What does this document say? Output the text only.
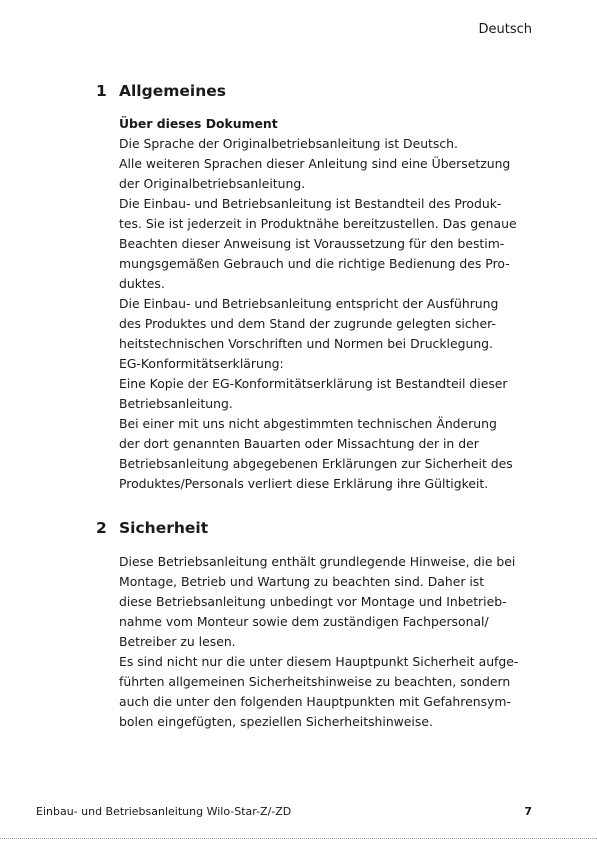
Deutsch
1 Allgemeines

Über dieses Dokument

Die Sprache der Originalbetriebsanleitung ist Deutsch.

Alle weiteren Sprachen dieser Anleitung sind eine Übersetzung

der Originalbetriebsanleitung.

Die Einbau- und Betriebsanleitung ist Bestandteil des Produk-

tes. Sie ist jederzeit in Produktnähe bereitzustellen. Das genaue

Beachten dieser Anweisung ist Voraussetzung für den bestim-

mungsgemäßen Gebrauch und die richtige Bedienung des Pro-

duktes.

Die Einbau- und Betriebsanleitung entspricht der Ausführung

des Produktes und dem Stand der zugrunde gelegten sicher-

heitstechnischen Vorschriften und Normen bei Drucklegung.

EG-Konformitätserklärung:

Eine Kopie der EG-Konformitätserklärung ist Bestandteil dieser

Betriebsanleitung.

Bei einer mit uns nicht abgestimmten technischen Änderung

der dort genannten Bauarten oder Missachtung der in der

Betriebsanleitung abgegebenen Erklärungen zur Sicherheit des

Produktes/Personals verliert diese Erklärung ihre Gültigkeit.

2 Sicherheit

Diese Betriebsanleitung enthält grundlegende Hinweise, die bei

Montage, Betrieb und Wartung zu beachten sind. Daher ist

diese Betriebsanleitung unbedingt vor Montage und Inbetrieb-

nahme vom Monteur sowie dem zuständigen Fachpersonal/

Betreiber zu lesen.

Es sind nicht nur die unter diesem Hauptpunkt Sicherheit aufge-

führten allgemeinen Sicherheitshinweise zu beachten, sondern

auch die unter den folgenden Hauptpunkten mit Gefahrensym-

bolen eingefügten, speziellen Sicherheitshinweise.

Einbau- und Betriebsanleitung Wilo-Star-Z/-ZD	7
